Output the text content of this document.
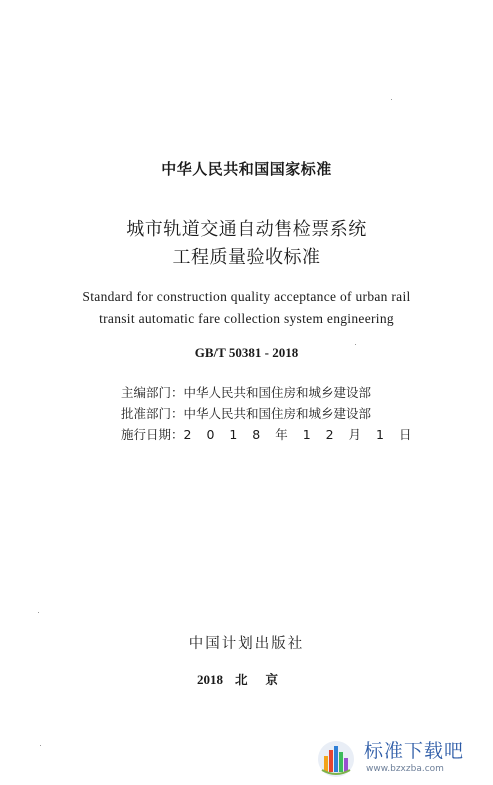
中华人民共和国国家标准
城市轨道交通自动售检票系统
工程质量验收标准
Standard for construction quality acceptance of urban rail
transit automatic fare collection system engineering
GB/T 50381 - 2018
主编部门：中华人民共和国住房和城乡建设部
批准部门：中华人民共和国住房和城乡建设部
施行日期：2 0 1 8 年 1 2 月 1 日
中国计划出版社
2018 北京
标准下载吧
www.bzxzba.com
